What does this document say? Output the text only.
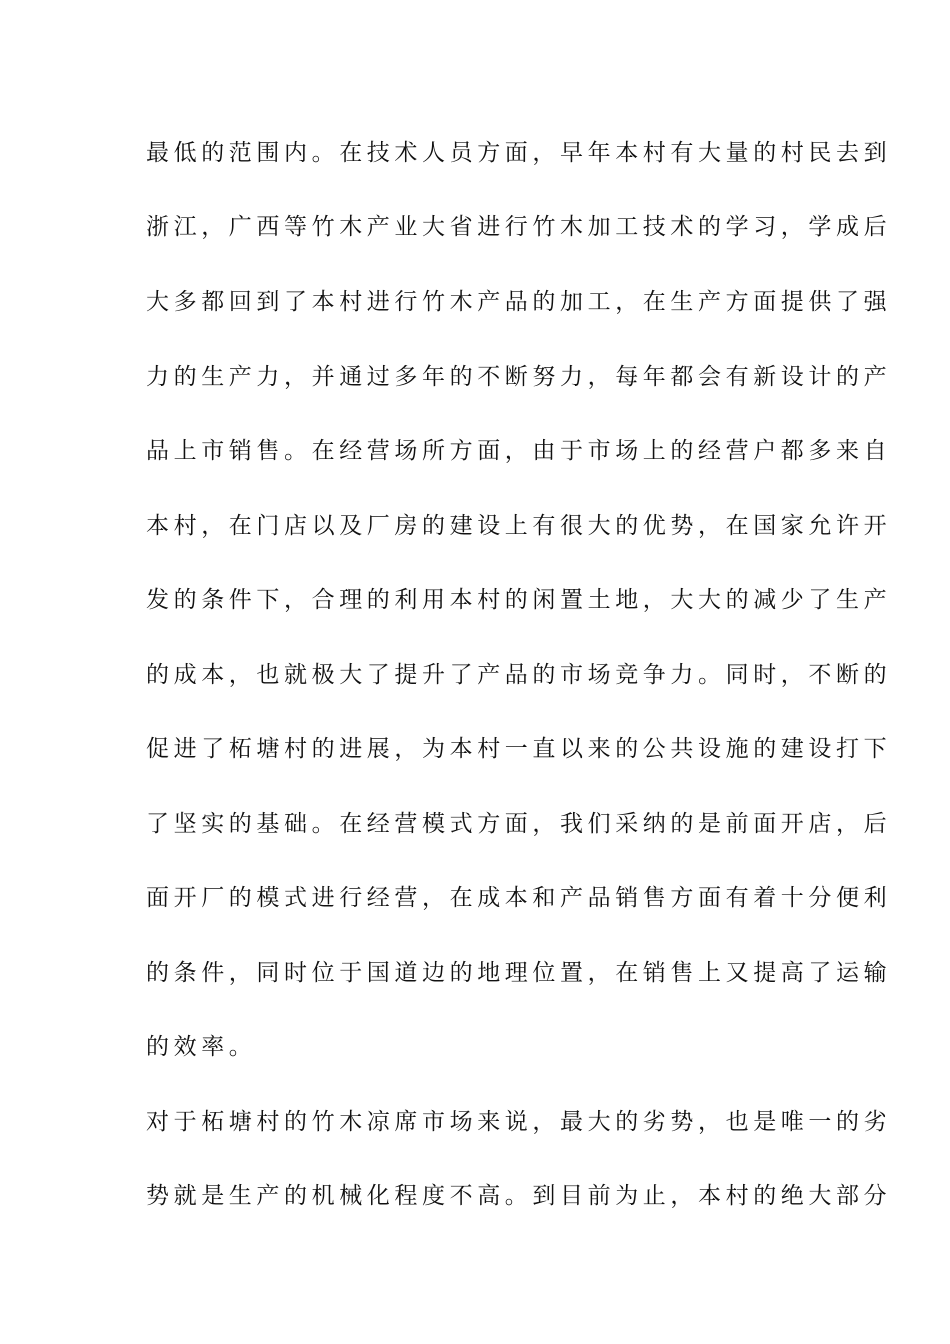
最低的范围内。在技术人员方面，早年本村有大量的村民去到
浙江，广西等竹木产业大省进行竹木加工技术的学习，学成后
大多都回到了本村进行竹木产品的加工，在生产方面提供了强
力的生产力，并通过多年的不断努力，每年都会有新设计的产
品上市销售。在经营场所方面，由于市场上的经营户都多来自
本村，在门店以及厂房的建设上有很大的优势，在国家允许开
发的条件下，合理的利用本村的闲置土地，大大的减少了生产
的成本，也就极大了提升了产品的市场竞争力。同时，不断的
促进了柘塘村的进展，为本村一直以来的公共设施的建设打下
了坚实的基础。在经营模式方面，我们采纳的是前面开店，后
面开厂的模式进行经营，在成本和产品销售方面有着十分便利
的条件，同时位于国道边的地理位置，在销售上又提高了运输
的效率。
对于柘塘村的竹木凉席市场来说，最大的劣势，也是唯一的劣
势就是生产的机械化程度不高。到目前为止，本村的绝大部分
